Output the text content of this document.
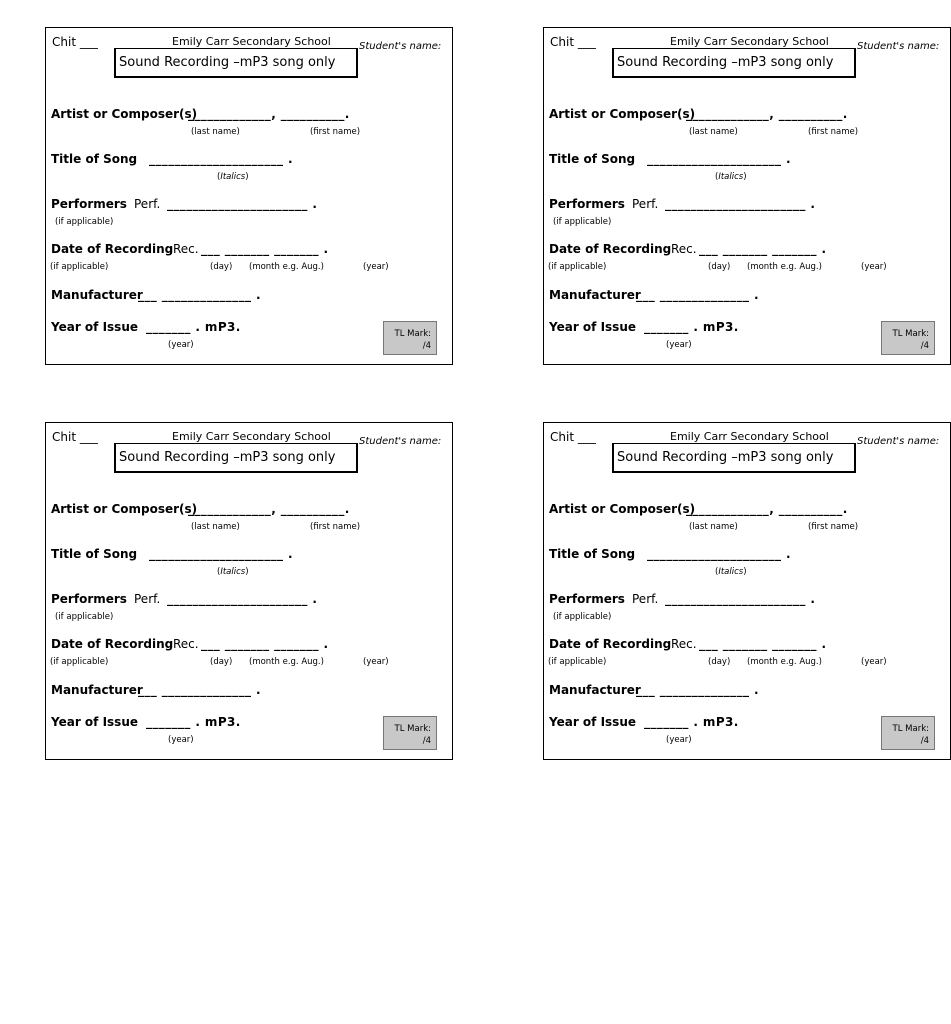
Chit ___	Emily Carr Secondary School	Student's name:
Sound Recording –mP3 song only
Artist or Composer(s)
_____________, __________.
(last name)	(first name)
Title of Song _____________________ .
(Italics)
Performers Perf. ______________________ .
(if applicable)
Date of Recording Rec. ___ _______ _______ .
(if applicable)	(day) (month e.g. Aug.)	(year)
Manufacturer
___ ______________ .
Year of Issue _______ . mP3.
(year)
TL Mark:
/4
Chit ___	Emily Carr Secondary School	Student's name:
Sound Recording –mP3 song only
Artist or Composer(s)
_____________, __________.
(last name)	(first name)
Title of Song _____________________ .
(Italics)
Performers Perf. ______________________ .
(if applicable)
Date of Recording Rec. ___ _______ _______ .
(if applicable)	(day) (month e.g. Aug.)	(year)
Manufacturer
___ ______________ .
Year of Issue _______ . mP3.
(year)
TL Mark:
/4
Chit ___	Emily Carr Secondary School	Student's name:
Sound Recording –mP3 song only
Artist or Composer(s)
_____________, __________.
(last name)	(first name)
Title of Song _____________________ .
(Italics)
Performers Perf. ______________________ .
(if applicable)
Date of Recording Rec. ___ _______ _______ .
(if applicable)	(day) (month e.g. Aug.)	(year)
Manufacturer
___ ______________ .
Year of Issue _______ . mP3.
(year)
TL Mark:
/4
Chit ___	Emily Carr Secondary School	Student's name:
Sound Recording –mP3 song only
Artist or Composer(s)
_____________, __________.
(last name)	(first name)
Title of Song _____________________ .
(Italics)
Performers Perf. ______________________ .
(if applicable)
Date of Recording Rec. ___ _______ _______ .
(if applicable)	(day) (month e.g. Aug.)	(year)
Manufacturer
___ ______________ .
Year of Issue _______ . mP3.
(year)
TL Mark:
/4
